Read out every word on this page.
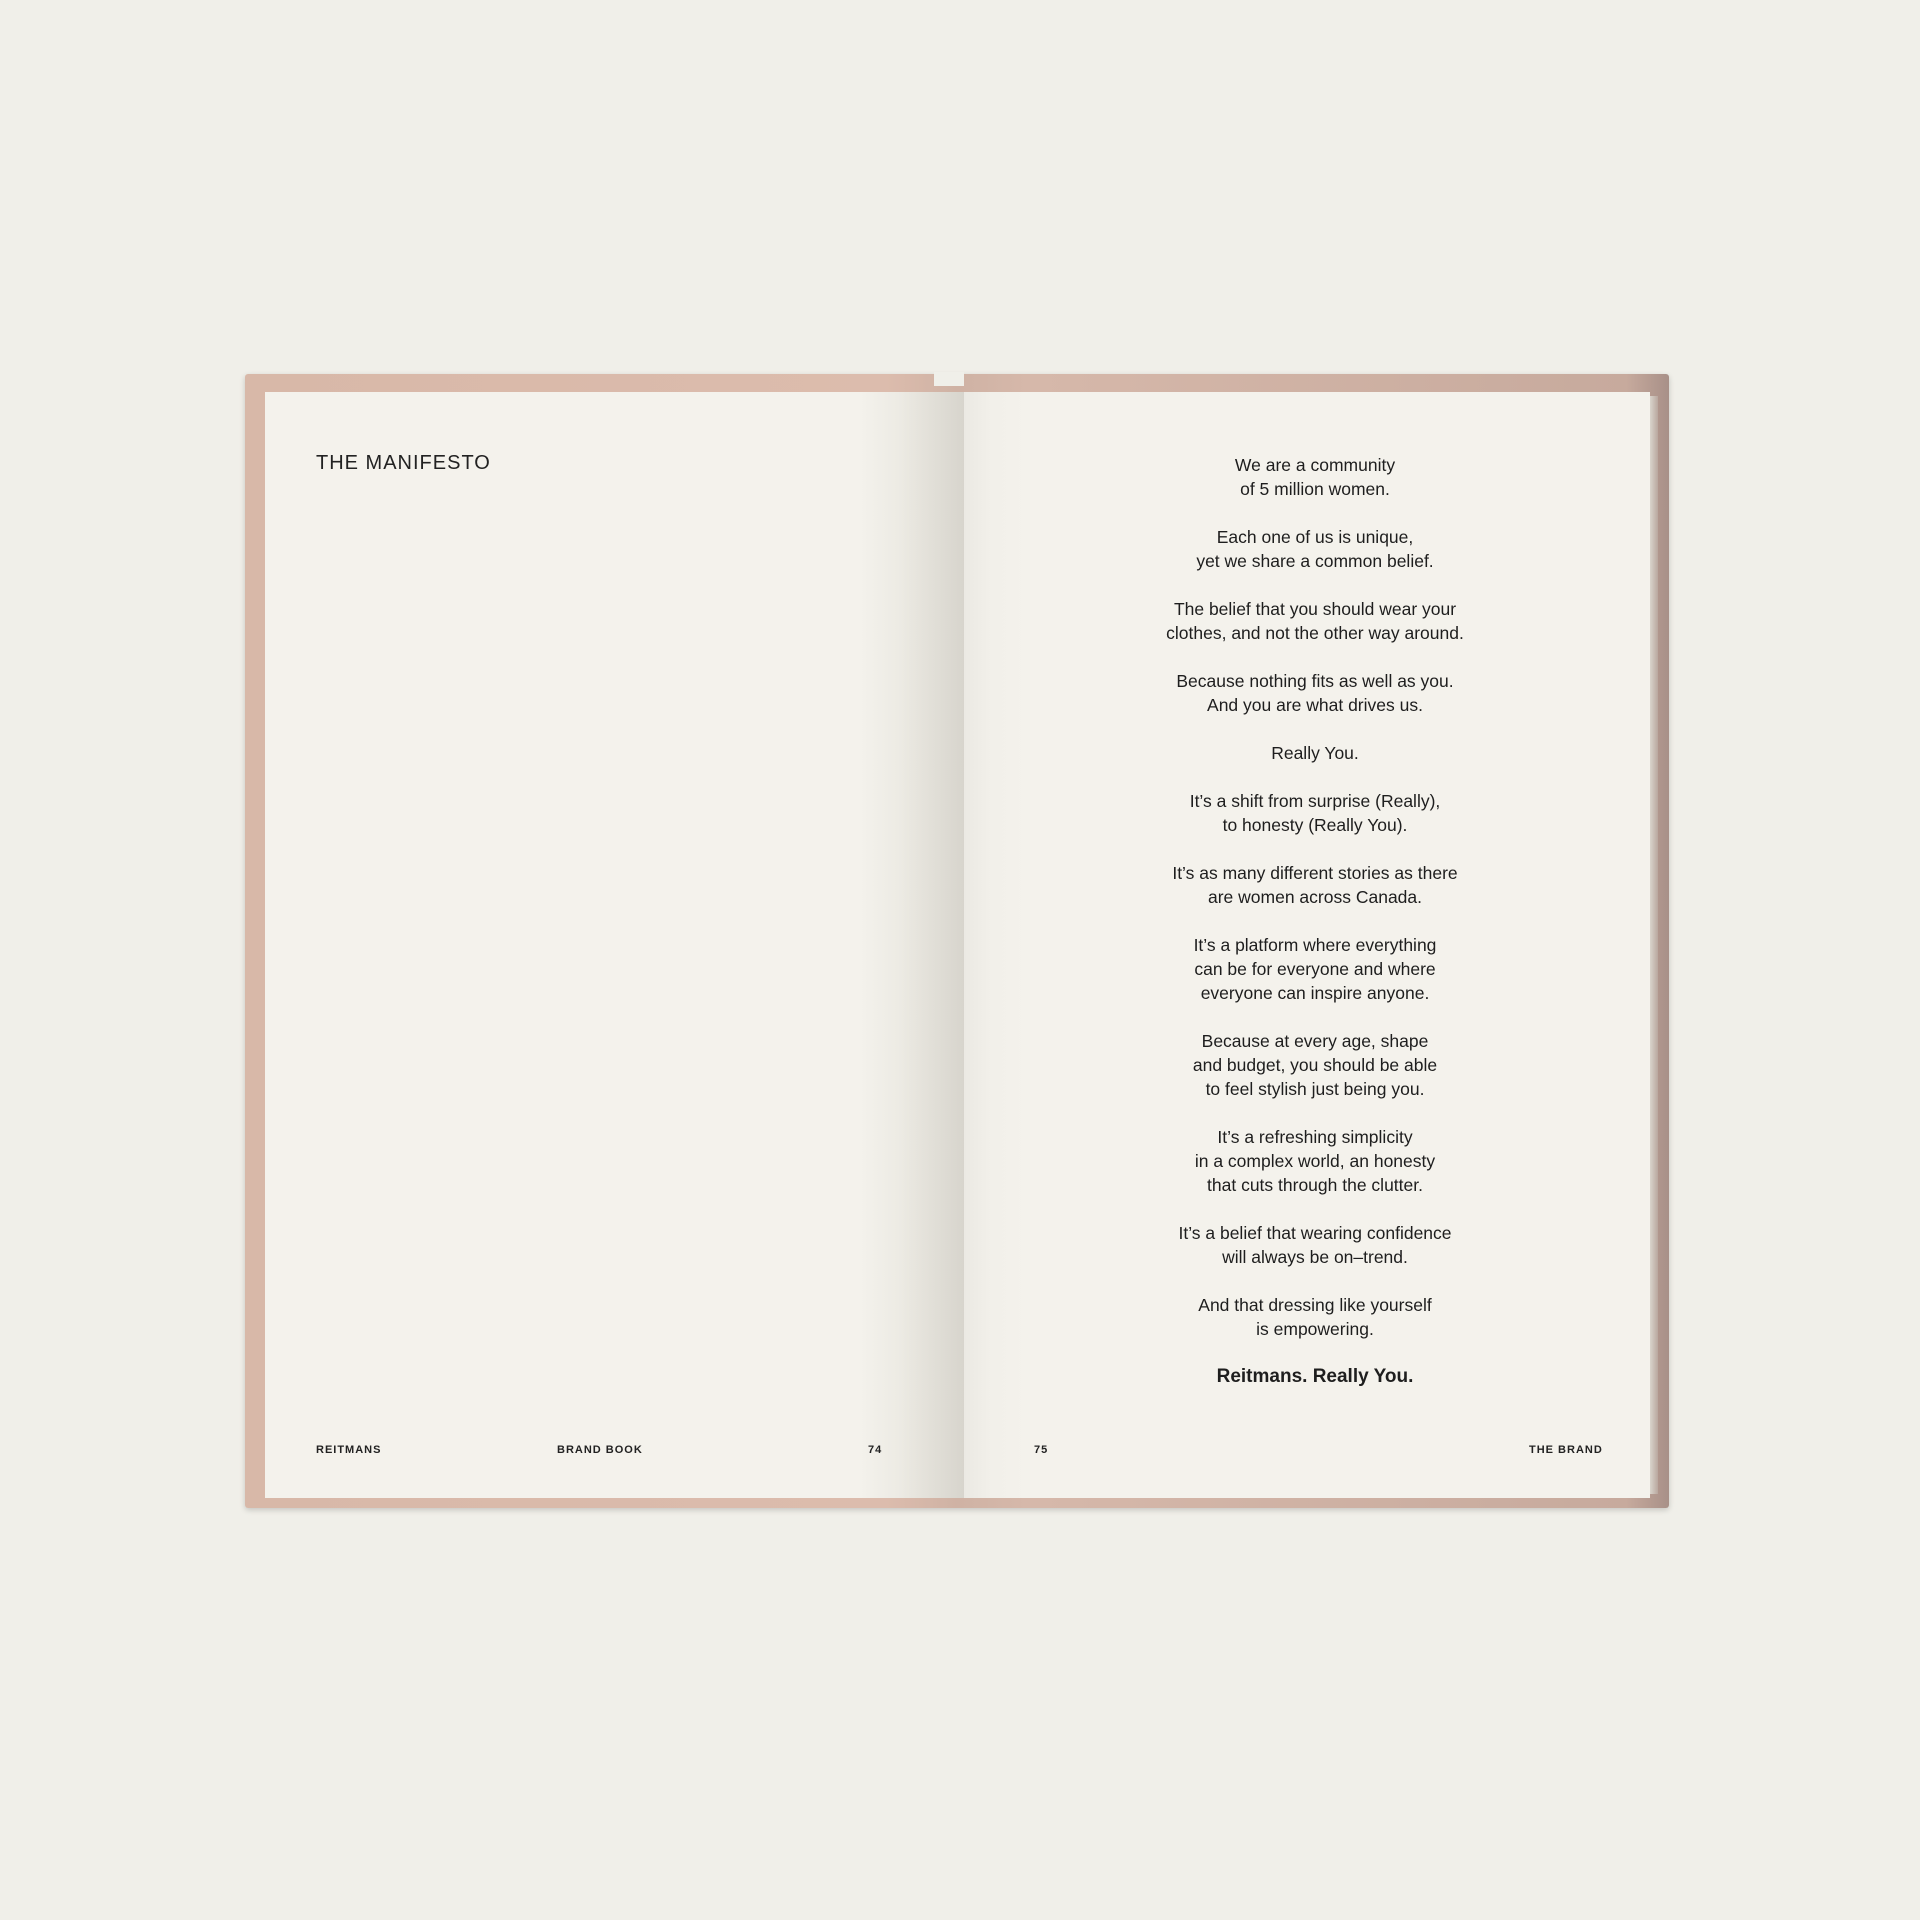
THE MANIFESTO	We are a community
of 5 million women.

Each one of us is unique,
yet we share a common belief.

The belief that you should wear your
clothes, and not the other way around.

Because nothing fits as well as you.
And you are what drives us.

Really You.

It’s a shift from surprise (Really),
to honesty (Really You).

It’s as many different stories as there
are women across Canada.

It’s a platform where everything
can be for everyone and where
everyone can inspire anyone.

Because at every age, shape
and budget, you should be able
to feel stylish just being you.

It’s a refreshing simplicity
in a complex world, an honesty
that cuts through the clutter.

It’s a belief that wearing confidence
will always be on–trend.

And that dressing like yourself
is empowering.

Reitmans. Really You.

REITMANS	BRAND BOOK	74	75	THE BRAND
